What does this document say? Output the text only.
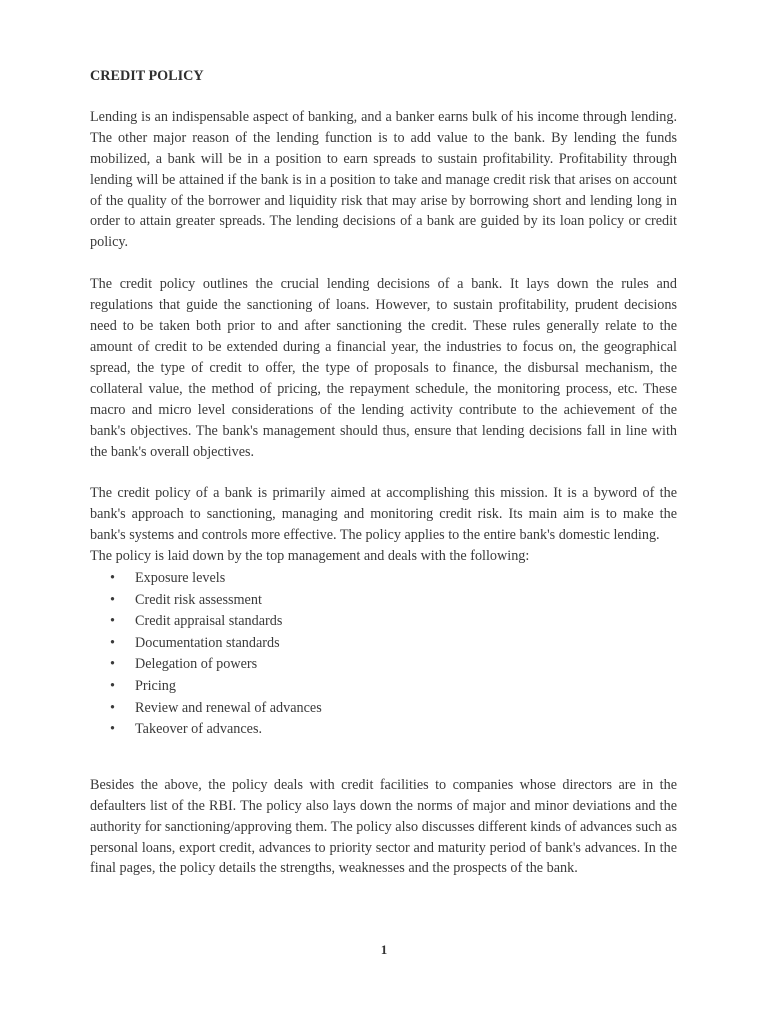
CREDIT POLICY

Lending is an indispensable aspect of banking, and a banker earns bulk of his income through lending. The other major reason of the lending function is to add value to the bank. By lending the funds mobilized, a bank will be in a position to earn spreads to sustain profitability. Profitability through lending will be attained if the bank is in a position to take and manage credit risk that arises on account of the quality of the borrower and liquidity risk that may arise by borrowing short and lending long in order to attain greater spreads. The lending decisions of a bank are guided by its loan policy or credit policy.

The credit policy outlines the crucial lending decisions of a bank. It lays down the rules and regulations that guide the sanctioning of loans. However, to sustain profitability, prudent decisions need to be taken both prior to and after sanctioning the credit. These rules generally relate to the amount of credit to be extended during a financial year, the industries to focus on, the geographical spread, the type of credit to offer, the type of proposals to finance, the disbursal mechanism, the collateral value, the method of pricing, the repayment schedule, the monitoring process, etc. These macro and micro level considerations of the lending activity contribute to the achievement of the bank's objectives. The bank's management should thus, ensure that lending decisions fall in line with the bank's overall objectives.

The credit policy of a bank is primarily aimed at accomplishing this mission. It is a byword of the bank's approach to sanctioning, managing and monitoring credit risk. Its main aim is to make the bank's systems and controls more effective. The policy applies to the entire bank's domestic lending.

The policy is laid down by the top management and deals with the following:

• Exposure levels
• Credit risk assessment
• Credit appraisal standards
• Documentation standards
• Delegation of powers
• Pricing
• Review and renewal of advances
• Takeover of advances.

Besides the above, the policy deals with credit facilities to companies whose directors are in the defaulters list of the RBI. The policy also lays down the norms of major and minor deviations and the authority for sanctioning/approving them. The policy also discusses different kinds of advances such as personal loans, export credit, advances to priority sector and maturity period of bank's advances. In the final pages, the policy details the strengths, weaknesses and the prospects of the bank.

1
